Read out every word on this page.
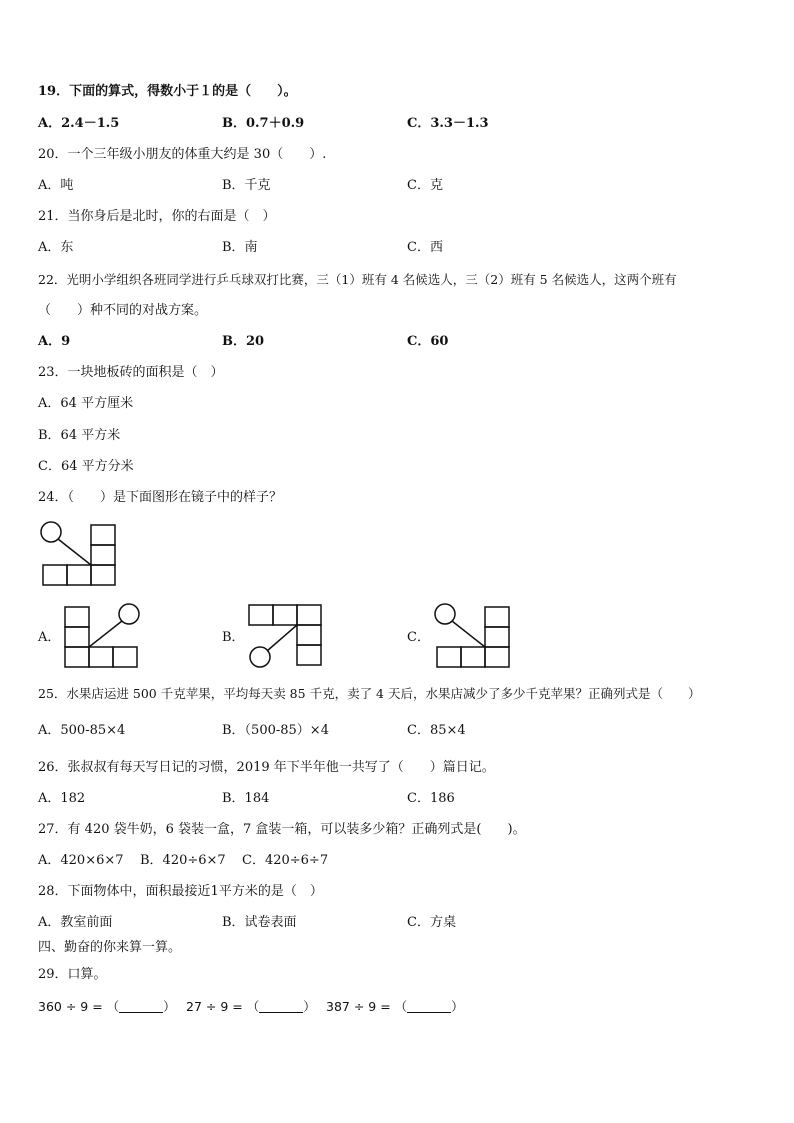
19．下面的算式，得数小于１的是（　　）。
A．2.4－1.5	B．0.7＋0.9	C．3.3－1.3
20．一个三年级小朋友的体重大约是 30（　　）.
A．吨	B．千克	C．克
21．当你身后是北时，你的右面是（　）
A．东	B．南	C．西
22．光明小学组织各班同学进行乒乓球双打比赛，三（1）班有 4 名候选人，三（2）班有 5 名候选人，这两个班有
（　　）种不同的对战方案。
A．9	B．20	C．60
23．一块地板砖的面积是（　）
A．64 平方厘米
B．64 平方米
C．64 平方分米
24．（　　）是下面图形在镜子中的样子？
A．	B．	C．
25．水果店运进 500 千克苹果，平均每天卖 85 千克，卖了 4 天后，水果店减少了多少千克苹果？正确列式是（　　）
A．500-85×4	B．（500-85）×4	C．85×4
26．张叔叔有每天写日记的习惯，2019 年下半年他一共写了（　　）篇日记。
A．182	B．184	C．186
27．有 420 袋牛奶，6 袋装一盒，7 盒装一箱，可以装多少箱？正确列式是(　　)。
A．420×6×7 B．420÷6×7 C．420÷6÷7
28．下面物体中，面积最接近1平方米的是（　）
A．教室前面	B．试卷表面	C．方桌
四、勤奋的你来算一算。
29．口算。
360 ÷ 9 = （	） 27 ÷ 9 = （	） 387 ÷ 9 = （	）
